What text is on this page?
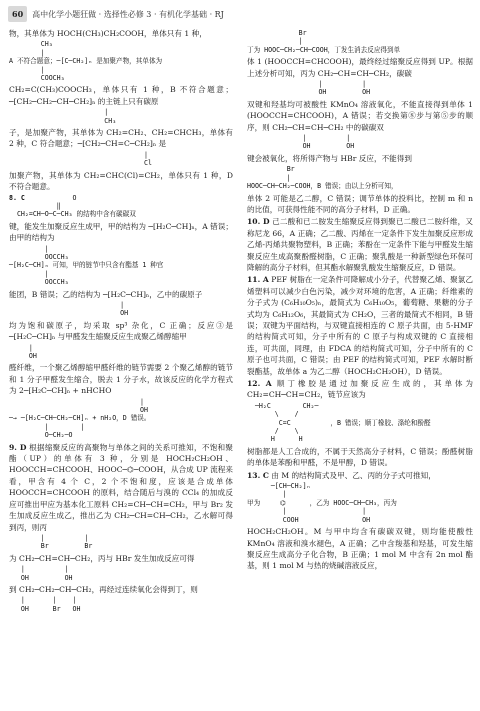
60 高中化学小题狂做 · 选择性必修 3 · 有机化学基础 · RJ

物，其单体为 HOCH(CH₃)CH₂COOH，单体只有 1 种，

CH₃
|
A 不符合题意；─[C─CH₂]ₙ 是加聚产物，其单体为
|
COOCH₃

CH₂=C(CH₃)COOCH₃，单体只有 1 种，B 不符合题意；─[CH₂─CH₂─CH─CH₂]ₙ 的主链上只有碳原

|
CH₃

子，是加聚产物，其单体为 CH₂=CH₂、CH₂=CHCH₃，单体有 2 种，C 符合题意；─[CH₂─CH=C─CH₂]ₙ 是

|
Cl

加聚产物，其单体为 CH₂=CHC(Cl)=CH₂，单体只有 1 种，D 不符合题意。

8. C	O
‖
CH₂=CH─O─C─CH₃ 的结构中含有碳碳双

键，能发生加聚反应生成甲，甲的结构为 ─[H₂C─CH]ₙ，A 错误；由甲的结构为

|
OOCCH₃
─[H₂C─CH]ₙ 可知，甲的链节中只含有酯基 1 种官
|
OOCCH₃

能团，B 错误；乙的结构为 ─[H₂C─CH]ₙ，乙中的碳原子

|
OH

均为饱和碳原子，均采取 sp³ 杂化，C 正确；反应③是 ─[H₂C─CH]ₙ 与甲醛发生缩聚反应生成聚乙烯醇缩甲

|
OH

醛纤维，一个聚乙烯醇缩甲醛纤维的链节需要 2 个聚乙烯醇的链节和 1 分子甲醛发生缩合，脱去 1 分子水，故该反应的化学方程式为 2─[H₂C─CH]ₙ + nHCHO

|
OH
─→ ─[H₂C─CH─CH₂─CH]ₙ + nH₂O，D 错误。
|        |
O─CH₂─O

9. D 根据缩聚反应的高聚物与单体之间的关系可推知，不饱和聚酯（UP）的单体有 3 种，分别是 HOCH₂CH₂OH、HOOCCH=CHCOOH、HOOC─⌬─COOH，从合成 UP 流程来看，甲含有 4 个 C，2 个不饱和度，应该是合成单体 HOOCCH=CHCOOH 的原料，结合随后与溴的 CCl₄ 的加成反应可推出甲应为基本化工原料 CH₂=CH─CH=CH₂，甲与 Br₂ 发生加成反应生成乙，推出乙为 CH₂─CH=CH─CH₂，乙水解可得到丙，则丙

|          |
Br         Br

为 CH₂─CH=CH─CH₂，丙与 HBr 发生加成反应可得

|          |
OH         OH

到 CH₂─CH₂─CH─CH₂，再经过连续氧化会得到丁，则

|       |    |
OH      Br   OH
Br
|
丁为 HOOC─CH₂─CH─COOH，丁发生消去反应得到单

体 1 (HOOCCH=CHCOOH)，最终经过缩聚反应得到 UP。根据上述分析可知，丙为 CH₂─CH=CH─CH₂，碳碳

|          |
OH         OH

双键和羟基均可被酸性 KMnO₄ 溶液氧化，不能直接得到单体 1 (HOOCCH=CHCOOH)，A 错误；若交换第⑧步与第⑤步的顺序，则 CH₂─CH=CH─CH₂ 中的碳碳双

|          |
OH         OH

键会被氧化，将所得产物与 HBr 反应，不能得到

Br
|
HOOC─CH─CH₂─COOH，B 错误；由以上分析可知，

单体 2 可能是乙二醇，C 错误；调节单体的投料比，控制 m 和 n 的比值，可获得性能不同的高分子材料，D 正确。

10. D 己二酸和已二胺发生缩聚反应得到聚已二酸已二胺纤维，又称尼龙 66，A 正确；乙二酸、丙烯在一定条件下发生加聚反应形成乙烯-丙烯共聚物塑料，B 正确；苯酚在一定条件下能与甲醛发生缩聚反应生成高聚酚醛树脂，C 正确；聚乳酸是一种新型绿色环保可降解的高分子材料，但其酯水解聚乳酸发生缩聚反应，D 错误。

11. A PEF 树脂在一定条件可降解成小分子，代替聚乙烯、聚氯乙烯塑料可以减少白色污染，减少对环境的危害，A 正确；纤维素的分子式为 (C₆H₁₀O₅)ₙ，最简式为 C₆H₁₀O₅，葡萄糖、果糖的分子式均为 C₆H₁₂O₆，其最简式为 CH₂O，三者的最简式不相同，B 错误；双键为平面结构，与双键直接相连的 C 原子共面，由 5-HMF 的结构简式可知，分子中所有的 C 原子与构成双键的 C 直接相连，可共面，同理，由 FDCA 的结构简式可知，分子中所有的 C 原子也可共面，C 错误；由 PEF 的结构简式可知，PEF 水解时断裂酯基，故单体 a 为乙二醇（HOCH₂CH₂OH），D 错误。

12. A 顺丁橡胶是通过加聚反应生成的，其单体为 CH₂=CH─CH=CH₂，链节应该为

─H₂C        CH₂─
\    /
C=C          ，B 错误；顺丁橡胶、涤纶和酚醛
/    \
H      H

树脂都是人工合成的，不属于天然高分子材料，C 错误；酚醛树脂的单体是苯酚和甲醛，不是甲醇，D 错误。

13. C 由 M 的结构简式及甲、乙、丙的分子式可推知，

─[CH─CH₂]ₙ
|
甲为     ⌬      ，乙为 HOOC─CH─CH₃，丙为
|                   |
COOH                OH

HOCH₂CH₂OH。M 与甲中均含有碳碳双键，则均能使酸性 KMnO₄ 溶液和溴水褪色，A 正确；乙中含羧基和羟基，可发生缩聚反应生成高分子化合物，B 正确；1 mol M 中含有 2n mol 酯基，则 1 mol M 与热的烧碱溶液反应，
